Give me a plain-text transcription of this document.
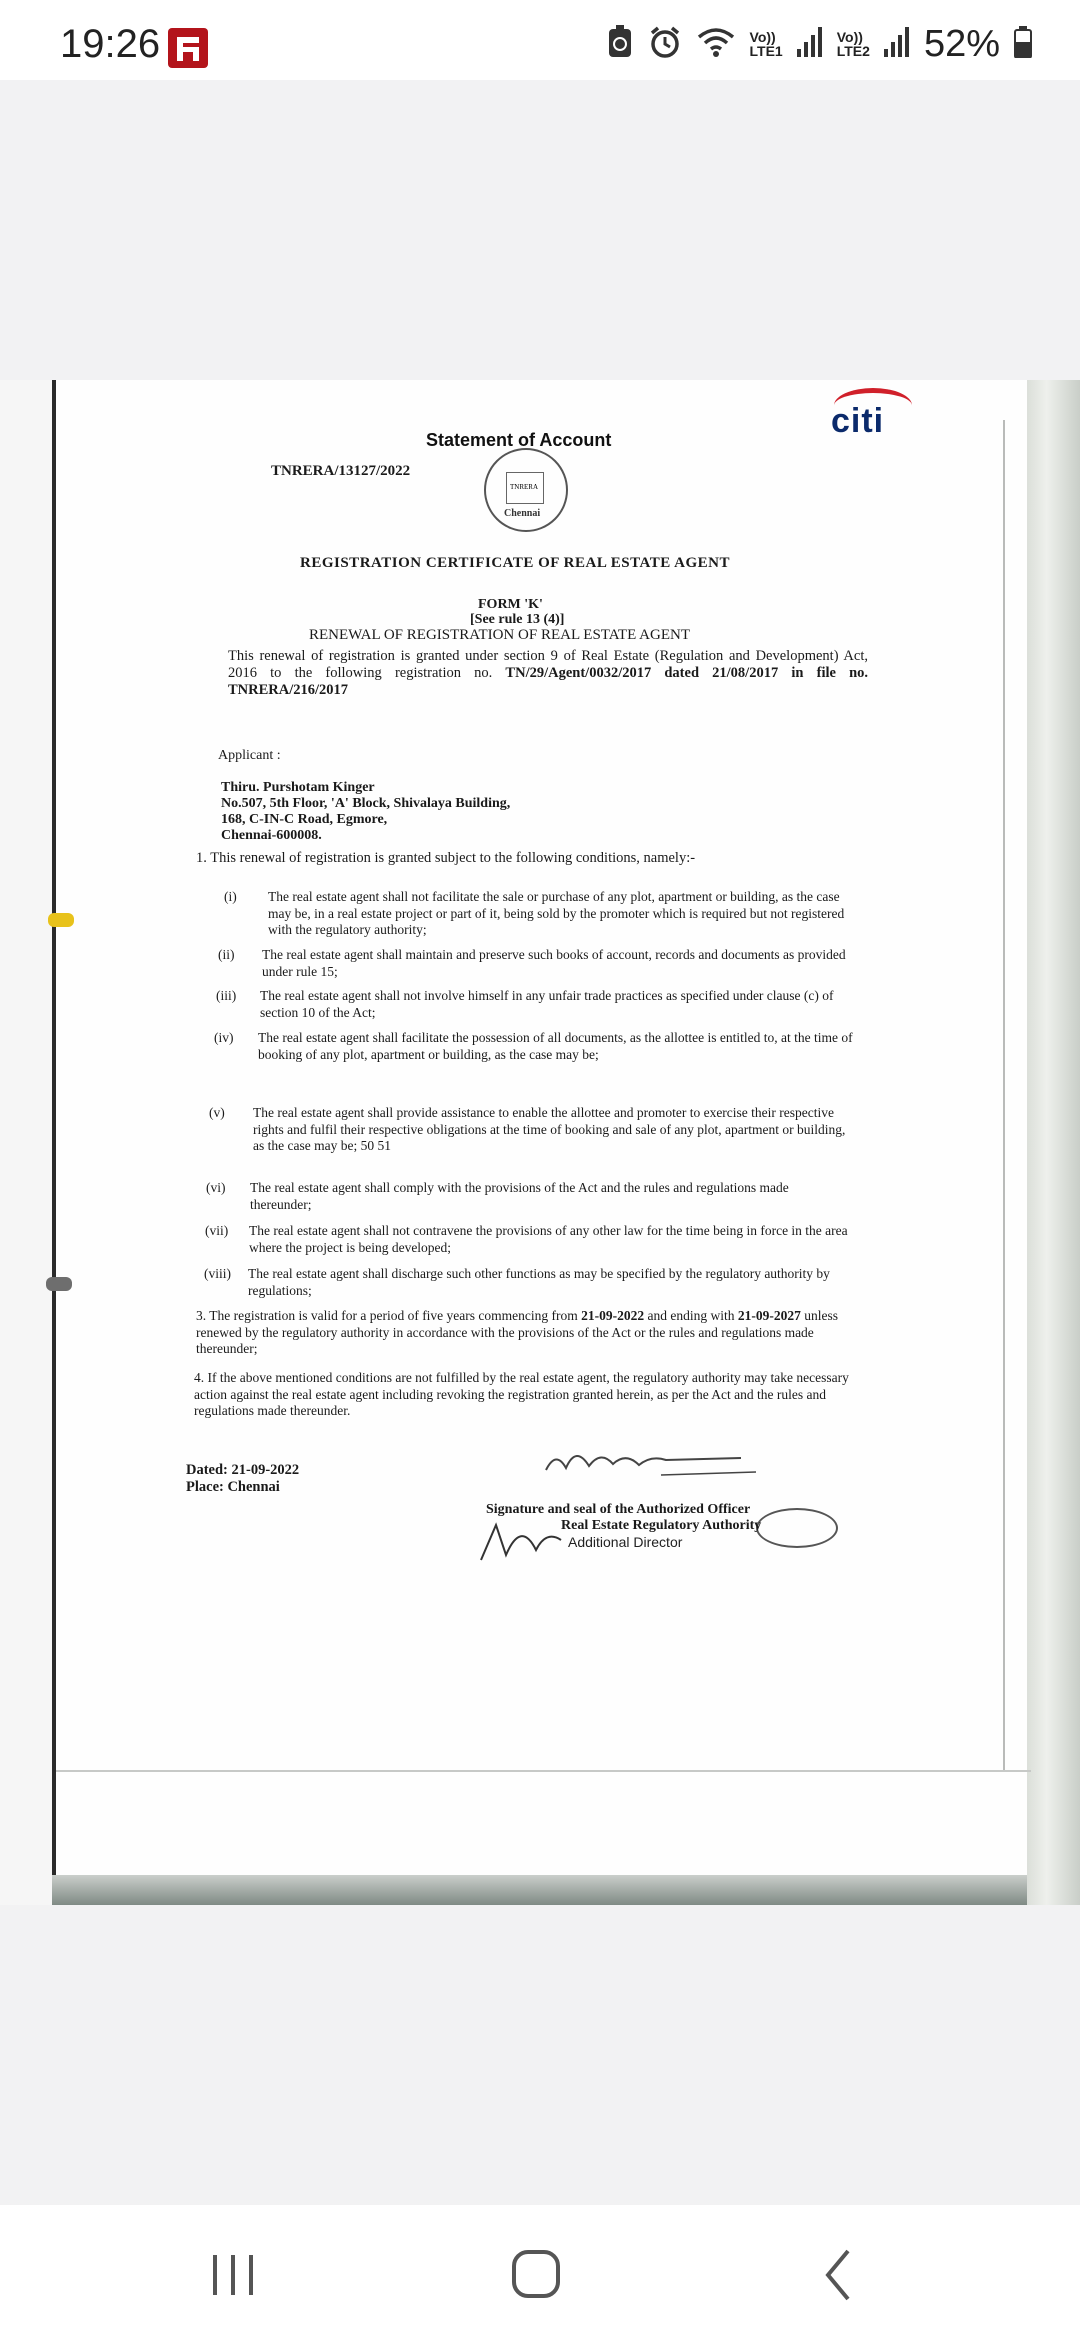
19:26	Vo))
LTE1
Vo))
LTE2 52%
citi
Statement of Account
TNRERA/13127/2022
TNRERA
Chennai
REGISTRATION CERTIFICATE OF REAL ESTATE AGENT
FORM 'K'
[See rule 13 (4)]
RENEWAL OF REGISTRATION OF REAL ESTATE AGENT
This renewal of registration is granted under section 9 of Real Estate (Regulation and Development) Act, 2016 to the following registration no. TN/29/Agent/0032/2017 dated 21/08/2017 in file no. TNRERA/216/2017
Applicant :
Thiru. Purshotam Kinger
No.507, 5th Floor, 'A' Block, Shivalaya Building,
168, C-IN-C Road, Egmore,
Chennai-600008.
1. This renewal of registration is granted subject to the following conditions, namely:-
(i)	The real estate agent shall not facilitate the sale or purchase of any plot, apartment or building, as the case may be, in a real estate project or part of it, being sold by the promoter which is required but not registered with the regulatory authority;
(ii)	The real estate agent shall maintain and preserve such books of account, records and documents as provided under rule 15;
(iii)	The real estate agent shall not involve himself in any unfair trade practices as specified under clause (c) of section 10 of the Act;
(iv)	The real estate agent shall facilitate the possession of all documents, as the allottee is entitled to, at the time of booking of any plot, apartment or building, as the case may be;
(v)	The real estate agent shall provide assistance to enable the allottee and promoter to exercise their respective rights and fulfil their respective obligations at the time of booking and sale of any plot, apartment or building, as the case may be; 50 51
(vi)	The real estate agent shall comply with the provisions of the Act and the rules and regulations made thereunder;
(vii)	The real estate agent shall not contravene the provisions of any other law for the time being in force in the area where the project is being developed;
(viii)	The real estate agent shall discharge such other functions as may be specified by the regulatory authority by regulations;
3. The registration is valid for a period of five years commencing from 21-09-2022 and ending with 21-09-2027 unless renewed by the regulatory authority in accordance with the provisions of the Act or the rules and regulations made thereunder;
4. If the above mentioned conditions are not fulfilled by the real estate agent, the regulatory authority may take necessary action against the real estate agent including revoking the registration granted herein, as per the Act and the rules and regulations made thereunder.
Dated: 21-09-2022
Place: Chennai
Signature and seal of the Authorized Officer
Real Estate Regulatory Authority
Additional Director
